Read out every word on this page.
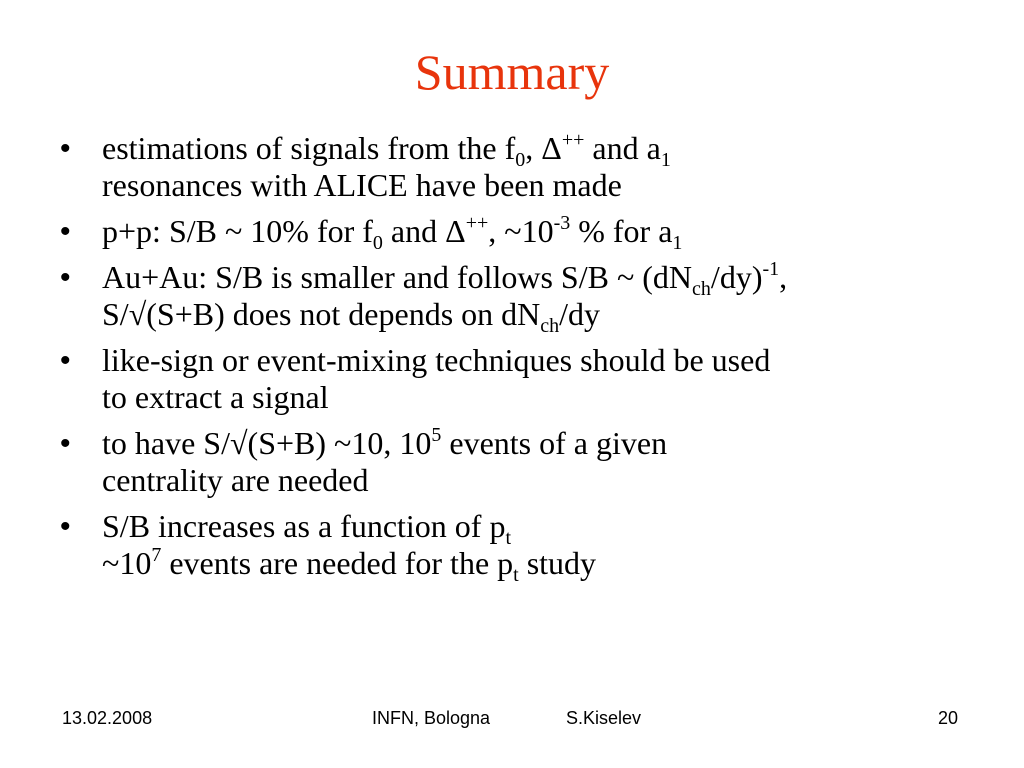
Summary
• estimations of signals from the $f_0$, Δ++ and $a_1$
resonances with ALICE have been made
• p+p: S/B ~ 10% for $f_0$ and Δ++, $\sim 10^{-3}$ % for $a_1$
• Au+Au: S/B is smaller and follows S/B ~ $(dN_{ch}/dy)^{-1}$,
S/√(S+B) does not depends on $dN_{ch}/dy$
• like-sign or event-mixing techniques should be used
to extract a signal
• to have S/√(S+B) ~10, $10^5$ events of a given
centrality are needed
• S/B increases as a function of $p_t$
$\sim 10^7$ events are needed for the $p_t$ study
13.02.2008	INFN, Bologna	S.Kiselev	20
